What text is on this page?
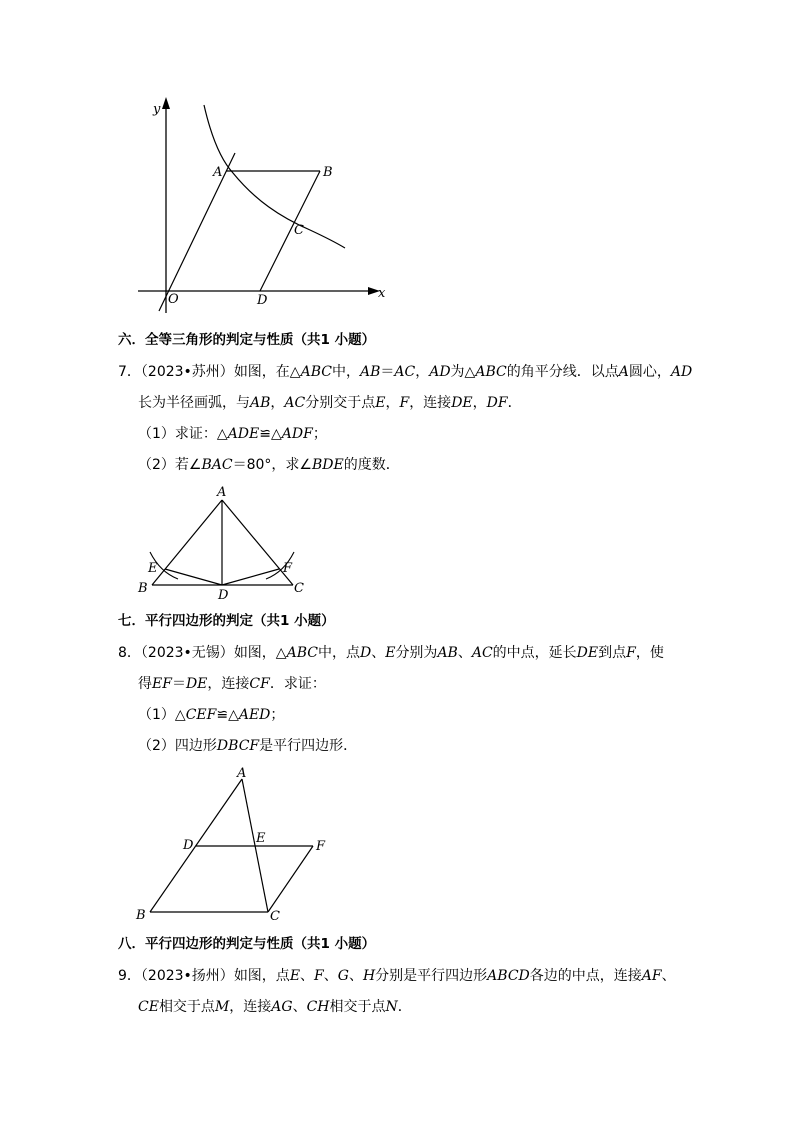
y
x
O
A	B
C
D
六．全等三角形的判定与性质（共1 小题）
7．（2023•苏州）如图，在△ABC中，AB＝AC，AD为△ABC的角平分线．以点A圆心，AD
长为半径画弧，与AB，AC分别交于点E，F，连接DE，DF．
（1）求证：△ADE≌△ADF；
（2）若∠BAC＝80°，求∠BDE的度数．
A
B	C
D
E	F
七．平行四边形的判定（共1 小题）
8．（2023•无锡）如图，△ABC中，点D、E分别为AB、AC的中点，延长DE到点F，使
得EF＝DE，连接CF．求证：
（1）△CEF≌△AED；
（2）四边形DBCF是平行四边形．
A
B	C
D	E
F
八．平行四边形的判定与性质（共1 小题）
9．（2023•扬州）如图，点E、F、G、H分别是平行四边形ABCD各边的中点，连接AF、
CE相交于点M，连接AG、CH相交于点N．
